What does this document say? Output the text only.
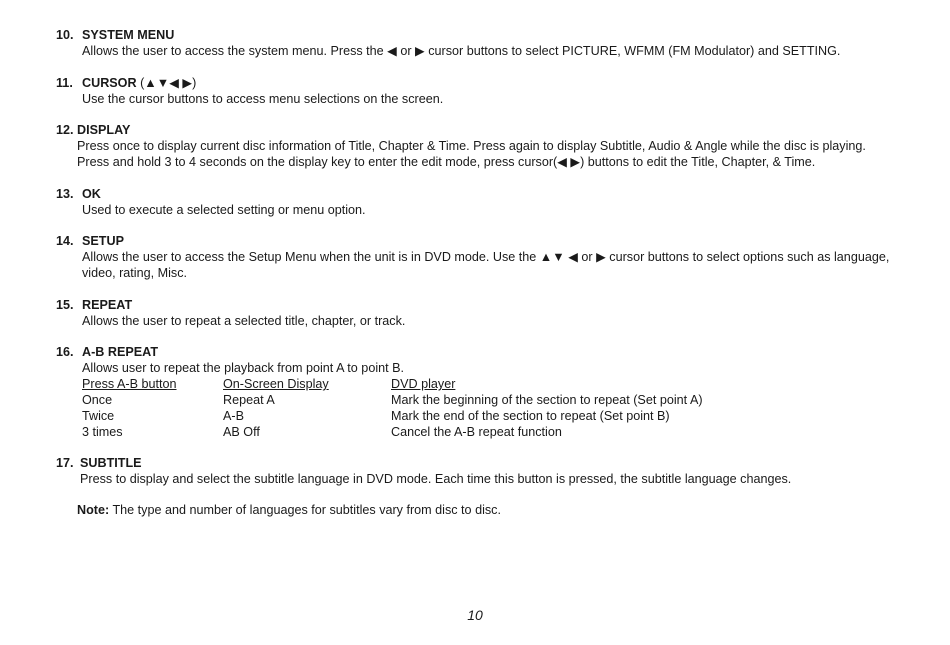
10. SYSTEM MENU
Allows the user to access the system menu. Press the ◀ or ▶ cursor buttons to select PICTURE, WFMM (FM Modulator) and SETTING.
11. CURSOR (▲▼◀ ▶)
Use the cursor buttons to access menu selections on the screen.
12. DISPLAY
Press once to display current disc information of Title, Chapter & Time. Press again to display Subtitle, Audio & Angle while the disc is playing. Press and hold 3 to 4 seconds on the display key to enter the edit mode, press cursor(◀ ▶) buttons to edit the Title, Chapter, & Time.
13. OK
Used to execute a selected setting or menu option.
14. SETUP
Allows the user to access the Setup Menu when the unit is in DVD mode. Use the ▲▼ ◀ or ▶ cursor buttons to select options such as language, video, rating, Misc.
15. REPEAT
Allows the user to repeat a selected title, chapter, or track.
16. A-B REPEAT
Allows user to repeat the playback from point A to point B.
Press A-B button	On-Screen Display	DVD player
Once	Repeat A	Mark the beginning of the section to repeat (Set point A)
Twice	A-B	Mark the end of the section to repeat (Set point B)
3 times	AB Off	Cancel the A-B repeat function
17. SUBTITLE
Press to display and select the subtitle language in DVD mode. Each time this button is pressed, the subtitle language changes.
Note: The type and number of languages for subtitles vary from disc to disc.
10
